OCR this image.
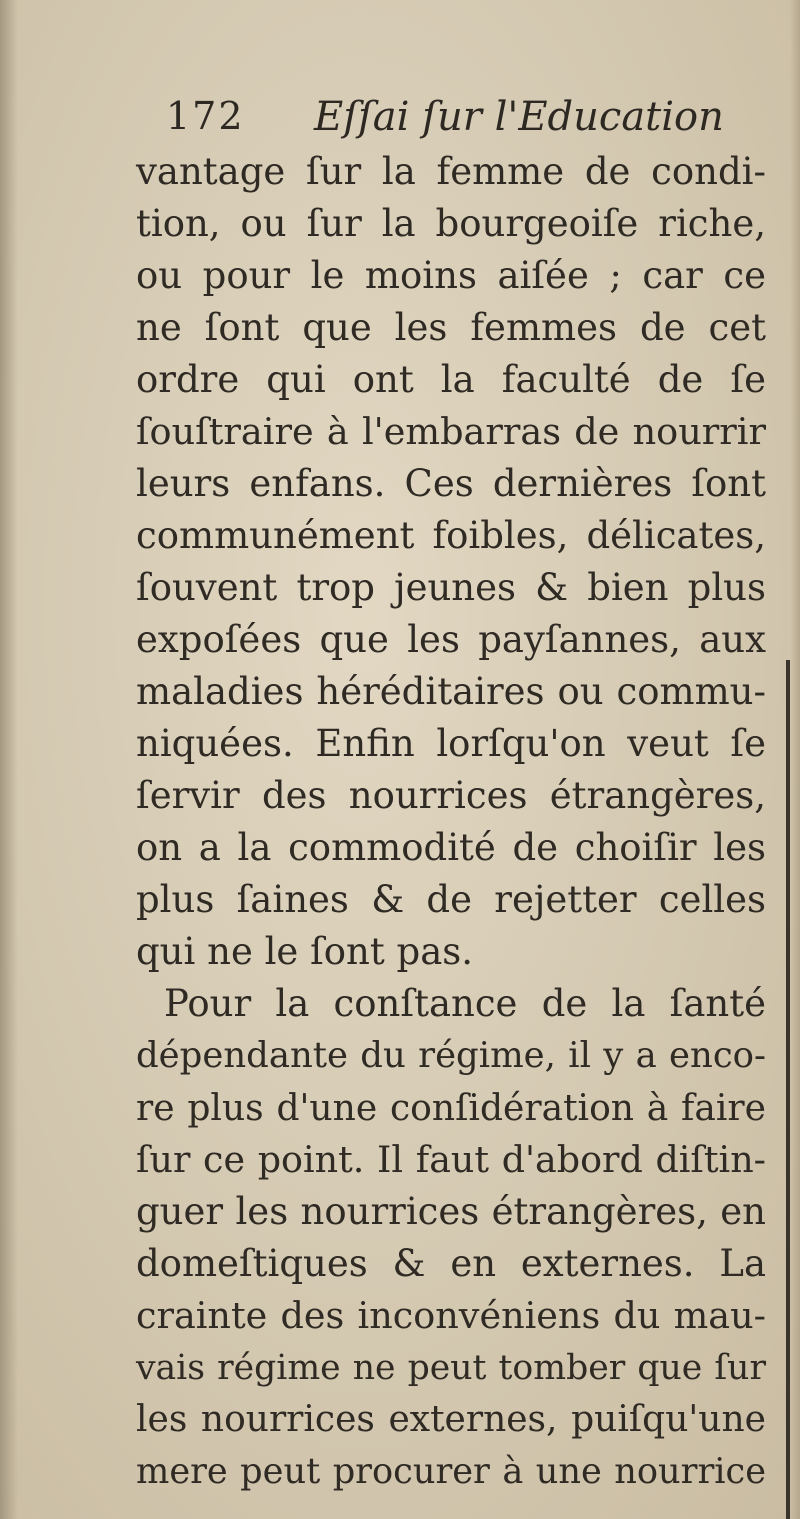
172 Eſſai ſur l'Education
vantage ſur la femme de condi-
tion, ou ſur la bourgeoiſe riche,
ou pour le moins aiſée ; car ce
ne ſont que les femmes de cet
ordre qui ont la faculté de ſe
ſouſtraire à l'embarras de nourrir
leurs enfans. Ces dernières ſont
communément foibles, délicates,
ſouvent trop jeunes & bien plus
expoſées que les payſannes, aux
maladies héréditaires ou commu-
niquées. Enfin lorſqu'on veut ſe
ſervir des nourrices étrangères,
on a la commodité de choiſir les
plus ſaines & de rejetter celles
qui ne le ſont pas.
Pour la conſtance de la ſanté
dépendante du régime, il y a enco-
re plus d'une conſidération à faire
ſur ce point. Il faut d'abord diſtin-
guer les nourrices étrangères, en
domeſtiques & en externes. La
crainte des inconvéniens du mau-
vais régime ne peut tomber que ſur
les nourrices externes, puiſqu'une
mere peut procurer à une nourrice
